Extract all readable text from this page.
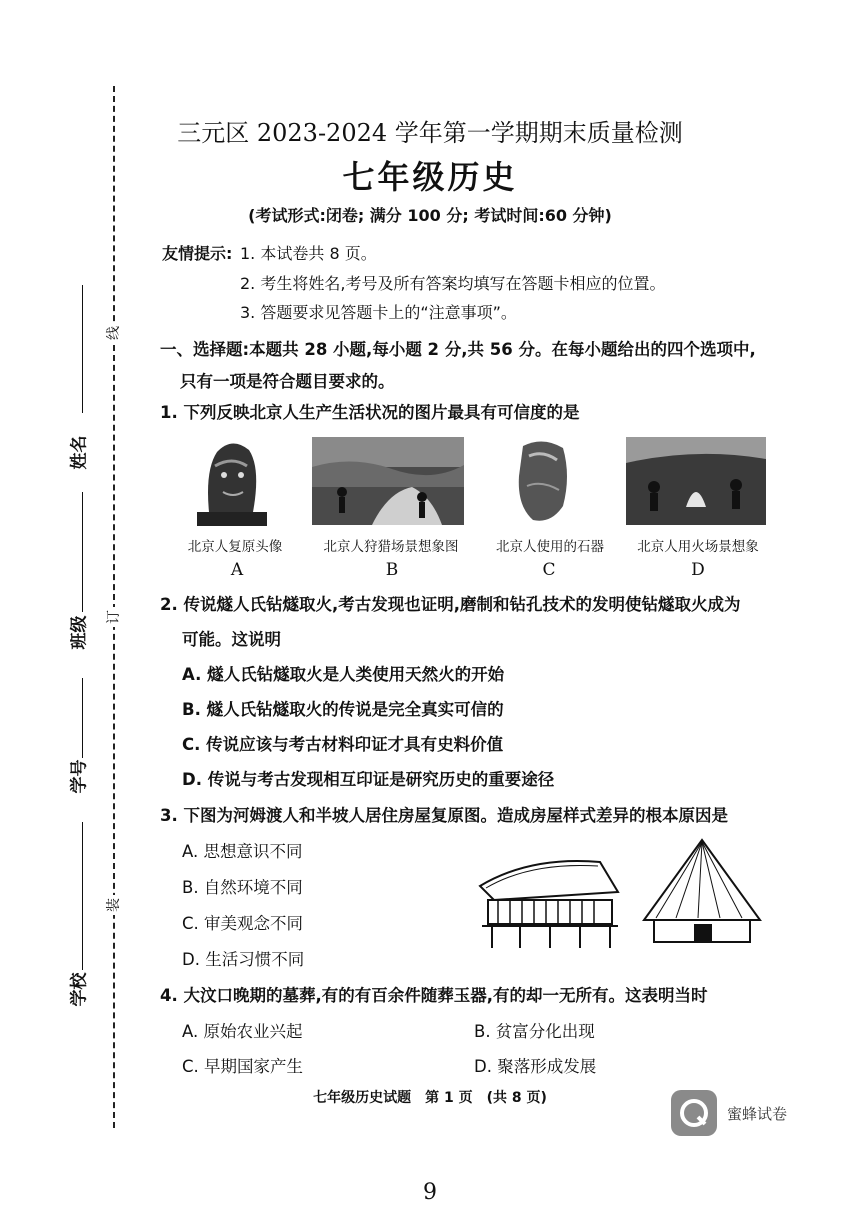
线
订
装
姓名
班级
学号
学校
三元区 2023-2024 学年第一学期期末质量检测
七年级历史
(考试形式:闭卷; 满分 100 分; 考试时间:60 分钟)
友情提示: 1. 本试卷共 8 页。
2. 考生将姓名,考号及所有答案均填写在答题卡相应的位置。
3. 答题要求见答题卡上的“注意事项”。
一、选择题:本题共 28 小题,每小题 2 分,共 56 分。在每小题给出的四个选项中,
只有一项是符合题目要求的。
1. 下列反映北京人生产生活状况的图片最具有可信度的是
北京人复原头像	北京人狩猎场景想象图	北京人使用的石器	北京人用火场景想象
A	B	C	D
2. 传说燧人氏钻燧取火,考古发现也证明,磨制和钻孔技术的发明使钻燧取火成为
可能。这说明
A. 燧人氏钻燧取火是人类使用天然火的开始
B. 燧人氏钻燧取火的传说是完全真实可信的
C. 传说应该与考古材料印证才具有史料价值
D. 传说与考古发现相互印证是研究历史的重要途径
3. 下图为河姆渡人和半坡人居住房屋复原图。造成房屋样式差异的根本原因是
A. 思想意识不同
B. 自然环境不同
C. 审美观念不同
D. 生活习惯不同
4. 大汶口晚期的墓葬,有的有百余件随葬玉器,有的却一无所有。这表明当时
A. 原始农业兴起	B. 贫富分化出现
C. 早期国家产生	D. 聚落形成发展
七年级历史试题　第 1 页　(共 8 页)
蜜蜂试卷
9
